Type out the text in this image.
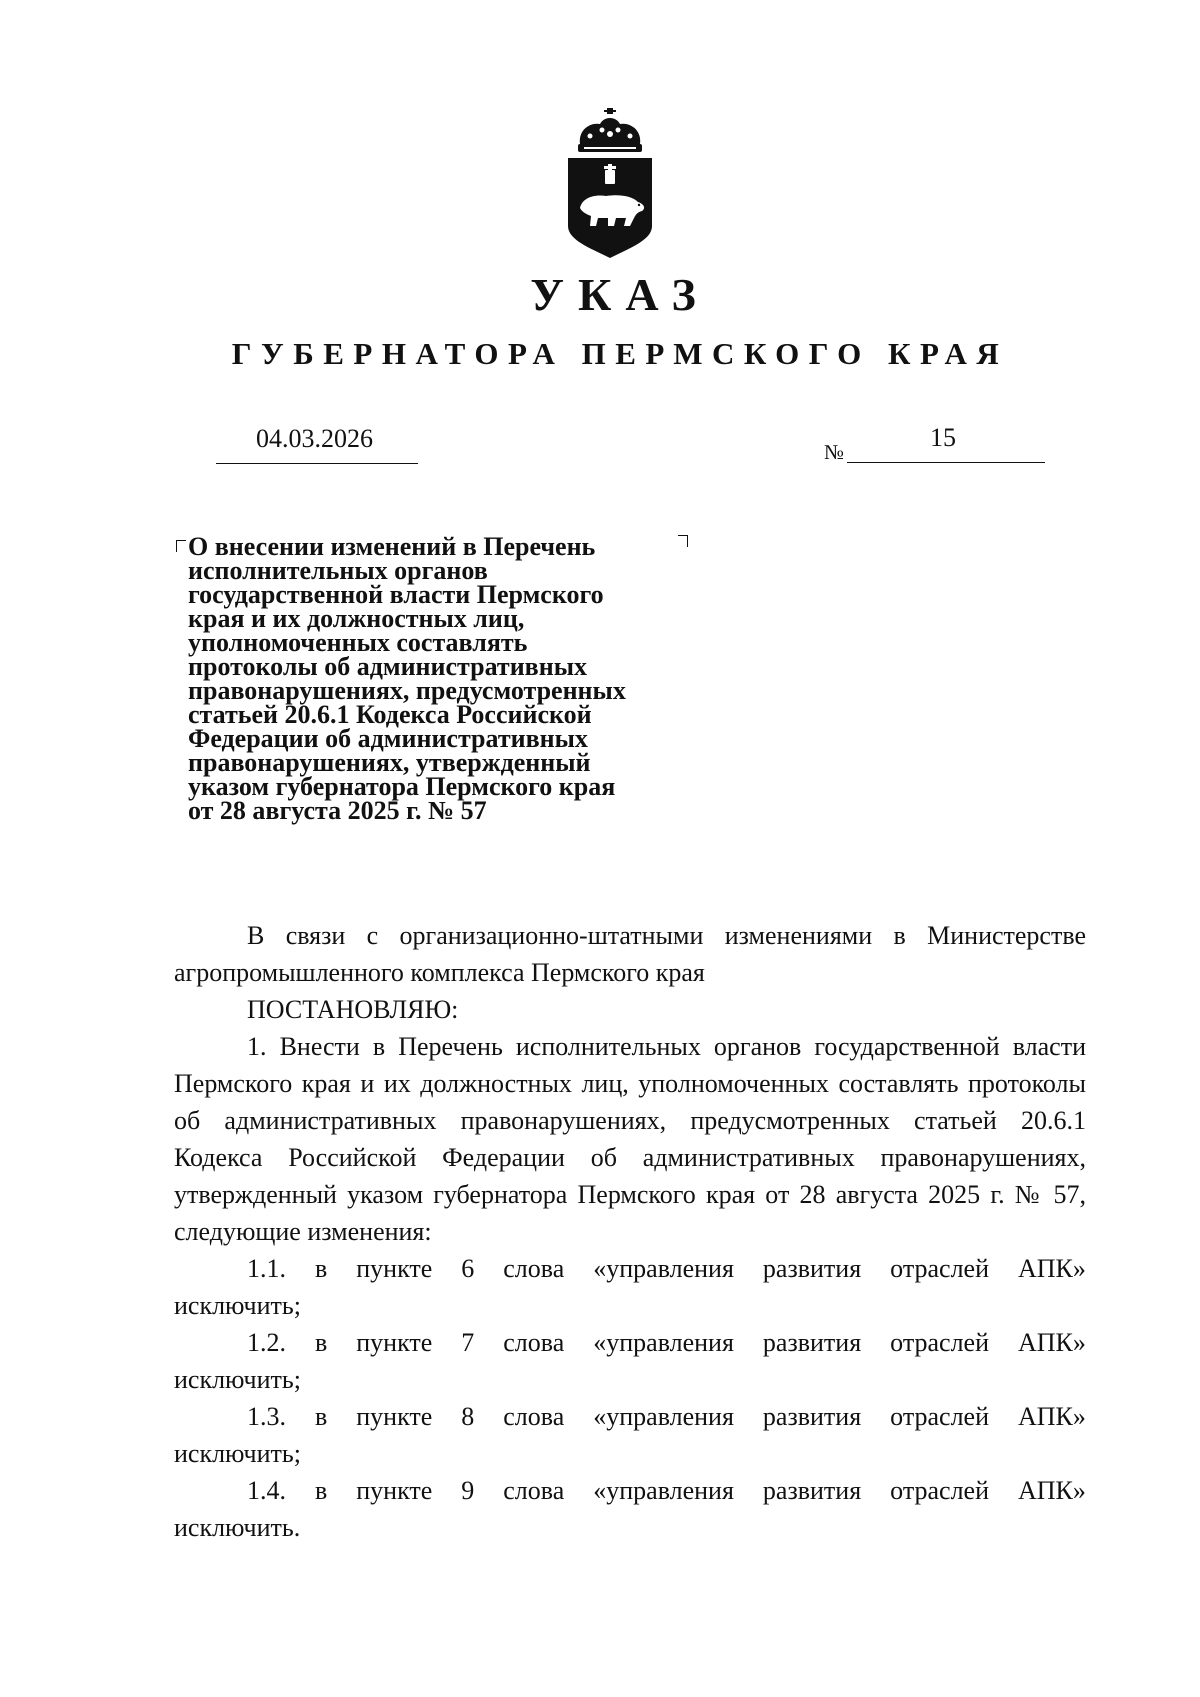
УКАЗ
ГУБЕРНАТОРА ПЕРМСКОГО КРАЯ
04.03.2026	№	15
О внесении изменений в Перечень
исполнительных органов
государственной власти Пермского
края и их должностных лиц,
уполномоченных составлять
протоколы об административных
правонарушениях, предусмотренных
статьей 20.6.1 Кодекса Российской
Федерации об административных
правонарушениях, утвержденный
указом губернатора Пермского края
от 28 августа 2025 г. № 57

В связи с организационно-штатными изменениями в Министерстве агропромышленного комплекса Пермского края

ПОСТАНОВЛЯЮ:

1. Внести в Перечень исполнительных органов государственной власти Пермского края и их должностных лиц, уполномоченных составлять протоколы об административных правонарушениях, предусмотренных статьей 20.6.1 Кодекса Российской Федерации об административных правонарушениях, утвержденный указом губернатора Пермского края от 28 августа 2025 г. № 57, следующие изменения:

1.1. в пункте 6 слова «управления развития отраслей АПК»
исключить;
1.2. в пункте 7 слова «управления развития отраслей АПК»
исключить;
1.3. в пункте 8 слова «управления развития отраслей АПК»
исключить;
1.4. в пункте 9 слова «управления развития отраслей АПК»
исключить.
